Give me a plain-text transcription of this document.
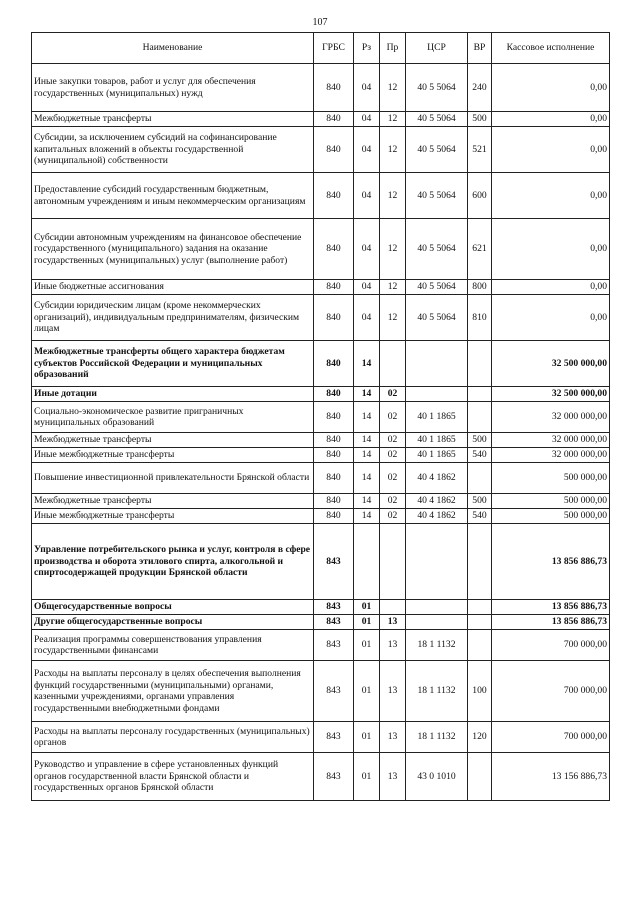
107
Наименование	ГРБС	Рз	Пр	ЦСР	ВР	Кассовое исполнение
Иные закупки товаров, работ и услуг для обеспечения государственных (муниципальных) нужд	840	04	12	40 5 5064	240	0,00
Межбюджетные трансферты	840	04	12	40 5 5064	500	0,00
Субсидии, за исключением субсидий на софинансирование капитальных вложений в объекты государственной (муниципальной) собственности	840	04	12	40 5 5064	521	0,00
Предоставление субсидий государственным бюджетным, автономным учреждениям и иным некоммерческим организациям	840	04	12	40 5 5064	600	0,00
Субсидии автономным учреждениям на финансовое обеспечение государственного (муниципального) задания на оказание государственных (муниципальных) услуг (выполнение работ)	840	04	12	40 5 5064	621	0,00
Иные бюджетные ассигнования	840	04	12	40 5 5064	800	0,00
Субсидии юридическим лицам (кроме некоммерческих организаций), индивидуальным предпринимателям, физическим лицам	840	04	12	40 5 5064	810	0,00
Межбюджетные трансферты общего характера бюджетам субъектов Российской Федерации и муниципальных образований	840	14				32 500 000,00
Иные дотации	840	14	02			32 500 000,00
Социально-экономическое развитие приграничных муниципальных образований	840	14	02	40 1 1865		32 000 000,00
Межбюджетные трансферты	840	14	02	40 1 1865	500	32 000 000,00
Иные межбюджетные трансферты	840	14	02	40 1 1865	540	32 000 000,00
Повышение инвестиционной привлекательности Брянской области	840	14	02	40 4 1862		500 000,00
Межбюджетные трансферты	840	14	02	40 4 1862	500	500 000,00
Иные межбюджетные трансферты	840	14	02	40 4 1862	540	500 000,00
Управление потребительского рынка и услуг, контроля в сфере производства и оборота этилового спирта, алкогольной и спиртосодержащей продукции Брянской области	843					13 856 886,73
Общегосударственные вопросы	843	01				13 856 886,73
Другие общегосударственные вопросы	843	01	13			13 856 886,73
Реализация программы совершенствования управления государственными финансами	843	01	13	18 1 1132		700 000,00
Расходы на выплаты персоналу в целях обеспечения выполнения функций государственными (муниципальными) органами, казенными учреждениями, органами управления государственными внебюджетными фондами	843	01	13	18 1 1132	100	700 000,00
Расходы на выплаты персоналу государственных (муниципальных) органов	843	01	13	18 1 1132	120	700 000,00
Руководство и управление в сфере установленных функций органов государственной власти Брянской области и государственных органов Брянской области	843	01	13	43 0 1010		13 156 886,73
